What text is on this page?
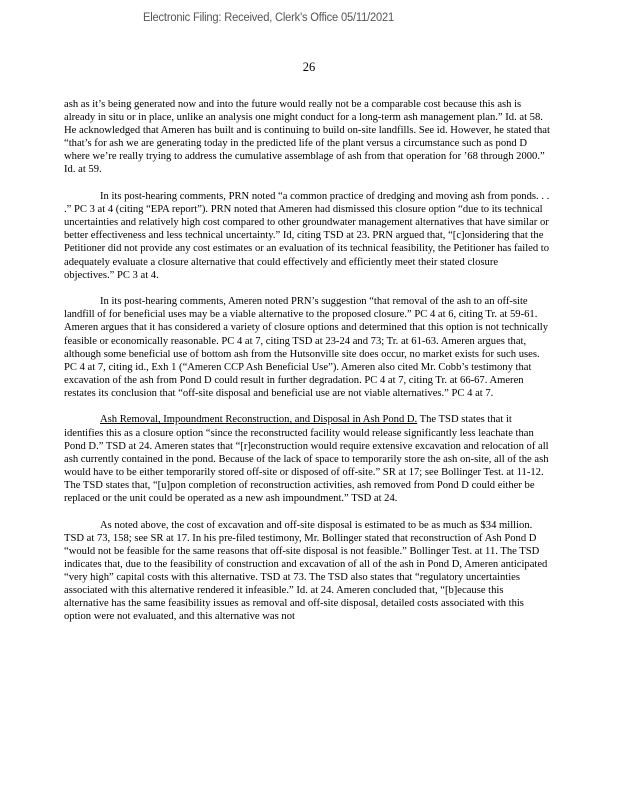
Electronic Filing: Received, Clerk's Office 05/11/2021
26

ash as it’s being generated now and into the future would really not be a comparable cost because this ash is already in situ or in place, unlike an analysis one might conduct for a long-term ash management plan.” Id. at 58. He acknowledged that Ameren has built and is continuing to build on-site landfills. See id. However, he stated that “that’s for ash we are generating today in the predicted life of the plant versus a circumstance such as pond D where we’re really trying to address the cumulative assemblage of ash from that operation for ’68 through 2000.” Id. at 59.

In its post-hearing comments, PRN noted “a common practice of dredging and moving ash from ponds. . . .” PC 3 at 4 (citing “EPA report”). PRN noted that Ameren had dismissed this closure option “due to its technical uncertainties and relatively high cost compared to other groundwater management alternatives that have similar or better effectiveness and less technical uncertainty.” Id, citing TSD at 23. PRN argued that, “[c]onsidering that the Petitioner did not provide any cost estimates or an evaluation of its technical feasibility, the Petitioner has failed to adequately evaluate a closure alternative that could effectively and efficiently meet their stated closure objectives.” PC 3 at 4.

In its post-hearing comments, Ameren noted PRN’s suggestion “that removal of the ash to an off-site landfill of for beneficial uses may be a viable alternative to the proposed closure.” PC 4 at 6, citing Tr. at 59-61. Ameren argues that it has considered a variety of closure options and determined that this option is not technically feasible or economically reasonable. PC 4 at 7, citing TSD at 23-24 and 73; Tr. at 61-63. Ameren argues that, although some beneficial use of bottom ash from the Hutsonville site does occur, no market exists for such uses. PC 4 at 7, citing id., Exh 1 (“Ameren CCP Ash Beneficial Use”). Ameren also cited Mr. Cobb’s testimony that excavation of the ash from Pond D could result in further degradation. PC 4 at 7, citing Tr. at 66-67. Ameren restates its conclusion that “off-site disposal and beneficial use are not viable alternatives.” PC 4 at 7.

Ash Removal, Impoundment Reconstruction, and Disposal in Ash Pond D. The TSD states that it identifies this as a closure option “since the reconstructed facility would release significantly less leachate than Pond D.” TSD at 24. Ameren states that “[r]econstruction would require extensive excavation and relocation of all ash currently contained in the pond. Because of the lack of space to temporarily store the ash on-site, all of the ash would have to be either temporarily stored off-site or disposed of off-site.” SR at 17; see Bollinger Test. at 11-12. The TSD states that, “[u]pon completion of reconstruction activities, ash removed from Pond D could either be replaced or the unit could be operated as a new ash impoundment.” TSD at 24.

As noted above, the cost of excavation and off-site disposal is estimated to be as much as $34 million. TSD at 73, 158; see SR at 17. In his pre-filed testimony, Mr. Bollinger stated that reconstruction of Ash Pond D “would not be feasible for the same reasons that off-site disposal is not feasible.” Bollinger Test. at 11. The TSD indicates that, due to the feasibility of construction and excavation of all of the ash in Pond D, Ameren anticipated “very high” capital costs with this alternative. TSD at 73. The TSD also states that “regulatory uncertainties associated with this alternative rendered it infeasible.” Id. at 24. Ameren concluded that, “[b]ecause this alternative has the same feasibility issues as removal and off-site disposal, detailed costs associated with this option were not evaluated, and this alternative was not
